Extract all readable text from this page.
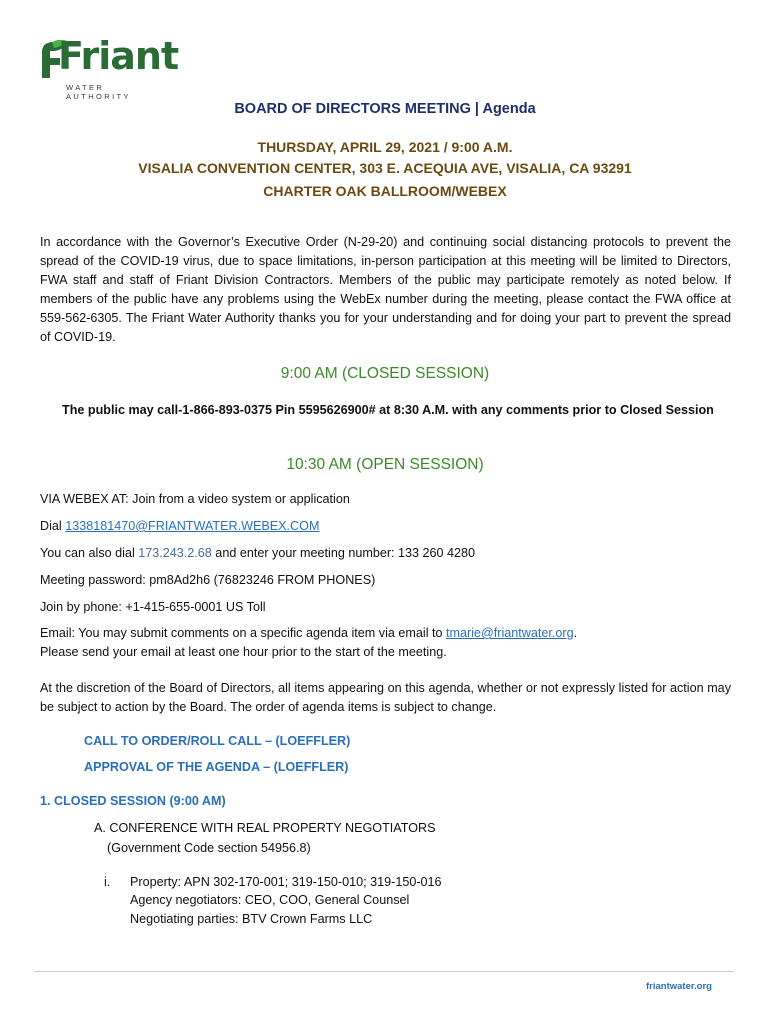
Friant
WATER AUTHORITY
BOARD OF DIRECTORS MEETING | Agenda
THURSDAY, APRIL 29, 2021 / 9:00 A.M.
VISALIA CONVENTION CENTER, 303 E. ACEQUIA AVE, VISALIA, CA 93291
CHARTER OAK BALLROOM/WEBEX
In accordance with the Governor’s Executive Order (N-29-20) and continuing social distancing protocols to prevent the spread of the COVID-19 virus, due to space limitations, in-person participation at this meeting will be limited to Directors, FWA staff and staff of Friant Division Contractors. Members of the public may participate remotely as noted below. If members of the public have any problems using the WebEx number during the meeting, please contact the FWA office at 559-562-6305. The Friant Water Authority thanks you for your understanding and for doing your part to prevent the spread of COVID-19.
9:00 AM (CLOSED SESSION)
The public may call-1-866-893-0375 Pin 5595626900# at 8:30 A.M. with any comments prior to Closed Session
10:30 AM (OPEN SESSION)
VIA WEBEX AT: Join from a video system or application
Dial 1338181470@FRIANTWATER.WEBEX.COM
You can also dial 173.243.2.68 and enter your meeting number: 133 260 4280
Meeting password: pm8Ad2h6 (76823246 FROM PHONES)
Join by phone: +1-415-655-0001 US Toll
Email: You may submit comments on a specific agenda item via email to tmarie@friantwater.org.
Please send your email at least one hour prior to the start of the meeting.
At the discretion of the Board of Directors, all items appearing on this agenda, whether or not expressly listed for action may be subject to action by the Board. The order of agenda items is subject to change.
CALL TO ORDER/ROLL CALL – (LOEFFLER)
APPROVAL OF THE AGENDA – (LOEFFLER)
1. CLOSED SESSION (9:00 AM)
A. CONFERENCE WITH REAL PROPERTY NEGOTIATORS
(Government Code section 54956.8)
i. Property: APN 302-170-001; 319-150-010; 319-150-016
Agency negotiators: CEO, COO, General Counsel
Negotiating parties: BTV Crown Farms LLC
friantwater.org
